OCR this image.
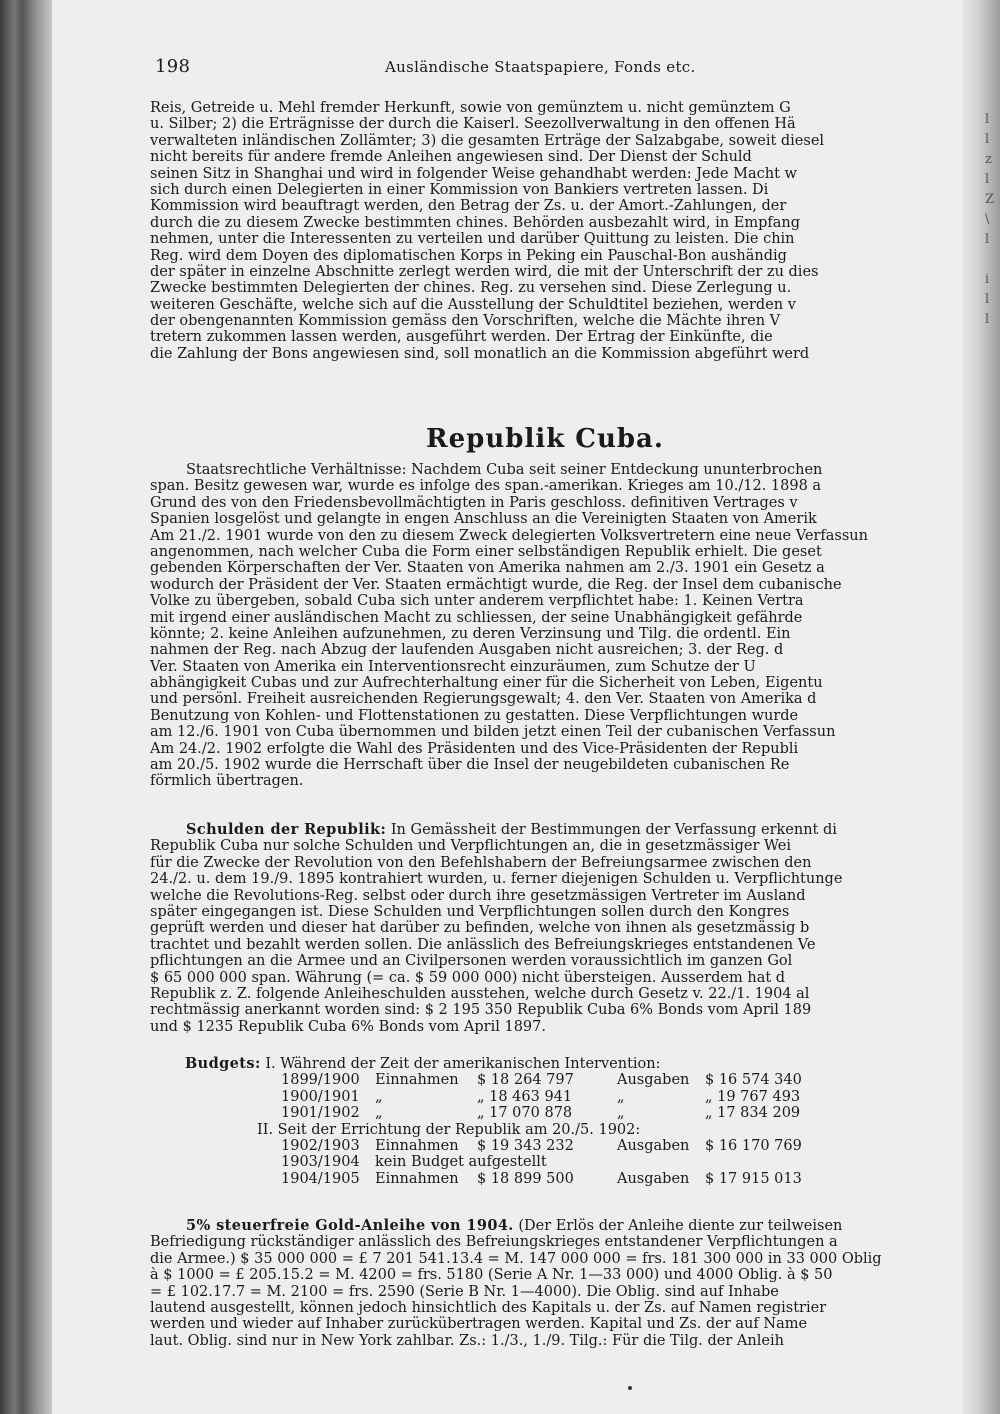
l
l
z
l
Z
\
l

i
l
l
198	Ausländische Staatspapiere, Fonds etc.
Reis, Getreide u. Mehl fremder Herkunft, sowie von gemünztem u. nicht gemünztem G
u. Silber; 2) die Erträgnisse der durch die Kaiserl. Seezollverwaltung in den offenen Hä
verwalteten inländischen Zollämter; 3) die gesamten Erträge der Salzabgabe, soweit diesel
nicht bereits für andere fremde Anleihen angewiesen sind. Der Dienst der Schuld
seinen Sitz in Shanghai und wird in folgender Weise gehandhabt werden: Jede Macht w
sich durch einen Delegierten in einer Kommission von Bankiers vertreten lassen. Di
Kommission wird beauftragt werden, den Betrag der Zs. u. der Amort.-Zahlungen, der
durch die zu diesem Zwecke bestimmten chines. Behörden ausbezahlt wird, in Empfang
nehmen, unter die Interessenten zu verteilen und darüber Quittung zu leisten. Die chin
Reg. wird dem Doyen des diplomatischen Korps in Peking ein Pauschal-Bon aushändig
der später in einzelne Abschnitte zerlegt werden wird, die mit der Unterschrift der zu dies
Zwecke bestimmten Delegierten der chines. Reg. zu versehen sind. Diese Zerlegung u.
weiteren Geschäfte, welche sich auf die Ausstellung der Schuldtitel beziehen, werden v
der obengenannten Kommission gemäss den Vorschriften, welche die Mächte ihren V
tretern zukommen lassen werden, ausgeführt werden. Der Ertrag der Einkünfte, die
die Zahlung der Bons angewiesen sind, soll monatlich an die Kommission abgeführt werd
Republik Cuba.
Staatsrechtliche Verhältnisse: Nachdem Cuba seit seiner Entdeckung ununterbrochen
span. Besitz gewesen war, wurde es infolge des span.-amerikan. Krieges am 10./12. 1898 a
Grund des von den Friedensbevollmächtigten in Paris geschloss. definitiven Vertrages v
Spanien losgelöst und gelangte in engen Anschluss an die Vereinigten Staaten von Amerik
Am 21./2. 1901 wurde von den zu diesem Zweck delegierten Volksvertretern eine neue Verfassun
angenommen, nach welcher Cuba die Form einer selbständigen Republik erhielt. Die geset
gebenden Körperschaften der Ver. Staaten von Amerika nahmen am 2./3. 1901 ein Gesetz a
wodurch der Präsident der Ver. Staaten ermächtigt wurde, die Reg. der Insel dem cubanische
Volke zu übergeben, sobald Cuba sich unter anderem verpflichtet habe: 1. Keinen Vertra
mit irgend einer ausländischen Macht zu schliessen, der seine Unabhängigkeit gefährde
könnte; 2. keine Anleihen aufzunehmen, zu deren Verzinsung und Tilg. die ordentl. Ein
nahmen der Reg. nach Abzug der laufenden Ausgaben nicht ausreichen; 3. der Reg. d
Ver. Staaten von Amerika ein Interventionsrecht einzuräumen, zum Schutze der U
abhängigkeit Cubas und zur Aufrechterhaltung einer für die Sicherheit von Leben, Eigentu
und persönl. Freiheit ausreichenden Regierungsgewalt; 4. den Ver. Staaten von Amerika d
Benutzung von Kohlen- und Flottenstationen zu gestatten. Diese Verpflichtungen wurde
am 12./6. 1901 von Cuba übernommen und bilden jetzt einen Teil der cubanischen Verfassun
Am 24./2. 1902 erfolgte die Wahl des Präsidenten und des Vice-Präsidenten der Republi
am 20./5. 1902 wurde die Herrschaft über die Insel der neugebildeten cubanischen Re
förmlich übertragen.
Schulden der Republik: In Gemässheit der Bestimmungen der Verfassung erkennt di
Republik Cuba nur solche Schulden und Verpflichtungen an, die in gesetzmässiger Wei
für die Zwecke der Revolution von den Befehlshabern der Befreiungsarmee zwischen den
24./2. u. dem 19./9. 1895 kontrahiert wurden, u. ferner diejenigen Schulden u. Verpflichtunge
welche die Revolutions-Reg. selbst oder durch ihre gesetzmässigen Vertreter im Ausland
später eingegangen ist. Diese Schulden und Verpflichtungen sollen durch den Kongres
geprüft werden und dieser hat darüber zu befinden, welche von ihnen als gesetzmässig b
trachtet und bezahlt werden sollen. Die anlässlich des Befreiungskrieges entstandenen Ve
pflichtungen an die Armee und an Civilpersonen werden voraussichtlich im ganzen Gol
$ 65 000 000 span. Währung (= ca. $ 59 000 000) nicht übersteigen. Ausserdem hat d
Republik z. Z. folgende Anleiheschulden ausstehen, welche durch Gesetz v. 22./1. 1904 al
rechtmässig anerkannt worden sind: $ 2 195 350 Republik Cuba 6% Bonds vom April 189
und $ 1235 Republik Cuba 6% Bonds vom April 1897.
Budgets: I. Während der Zeit der amerikanischen Intervention:
1899/1900 Einnahmen $ 18 264 797	Ausgaben $ 16 574 340
1900/1901 „	„ 18 463 941	„	„ 19 767 493
1901/1902 „	„ 17 070 878	„	„ 17 834 209
II. Seit der Errichtung der Republik am 20./5. 1902:
1902/1903 Einnahmen $ 19 343 232	Ausgaben $ 16 170 769
1903/1904 kein Budget aufgestellt
1904/1905 Einnahmen $ 18 899 500	Ausgaben $ 17 915 013
5% steuerfreie Gold-Anleihe von 1904. (Der Erlös der Anleihe diente zur teilweisen
Befriedigung rückständiger anlässlich des Befreiungskrieges entstandener Verpflichtungen a
die Armee.) $ 35 000 000 = £ 7 201 541.13.4 = M. 147 000 000 = frs. 181 300 000 in 33 000 Oblig
à $ 1000 = £ 205.15.2 = M. 4200 = frs. 5180 (Serie A Nr. 1—33 000) und 4000 Oblig. à $ 50
= £ 102.17.7 = M. 2100 = frs. 2590 (Serie B Nr. 1—4000). Die Oblig. sind auf Inhabe
lautend ausgestellt, können jedoch hinsichtlich des Kapitals u. der Zs. auf Namen registrier
werden und wieder auf Inhaber zurückübertragen werden. Kapital und Zs. der auf Name
laut. Oblig. sind nur in New York zahlbar. Zs.: 1./3., 1./9. Tilg.: Für die Tilg. der Anleih
